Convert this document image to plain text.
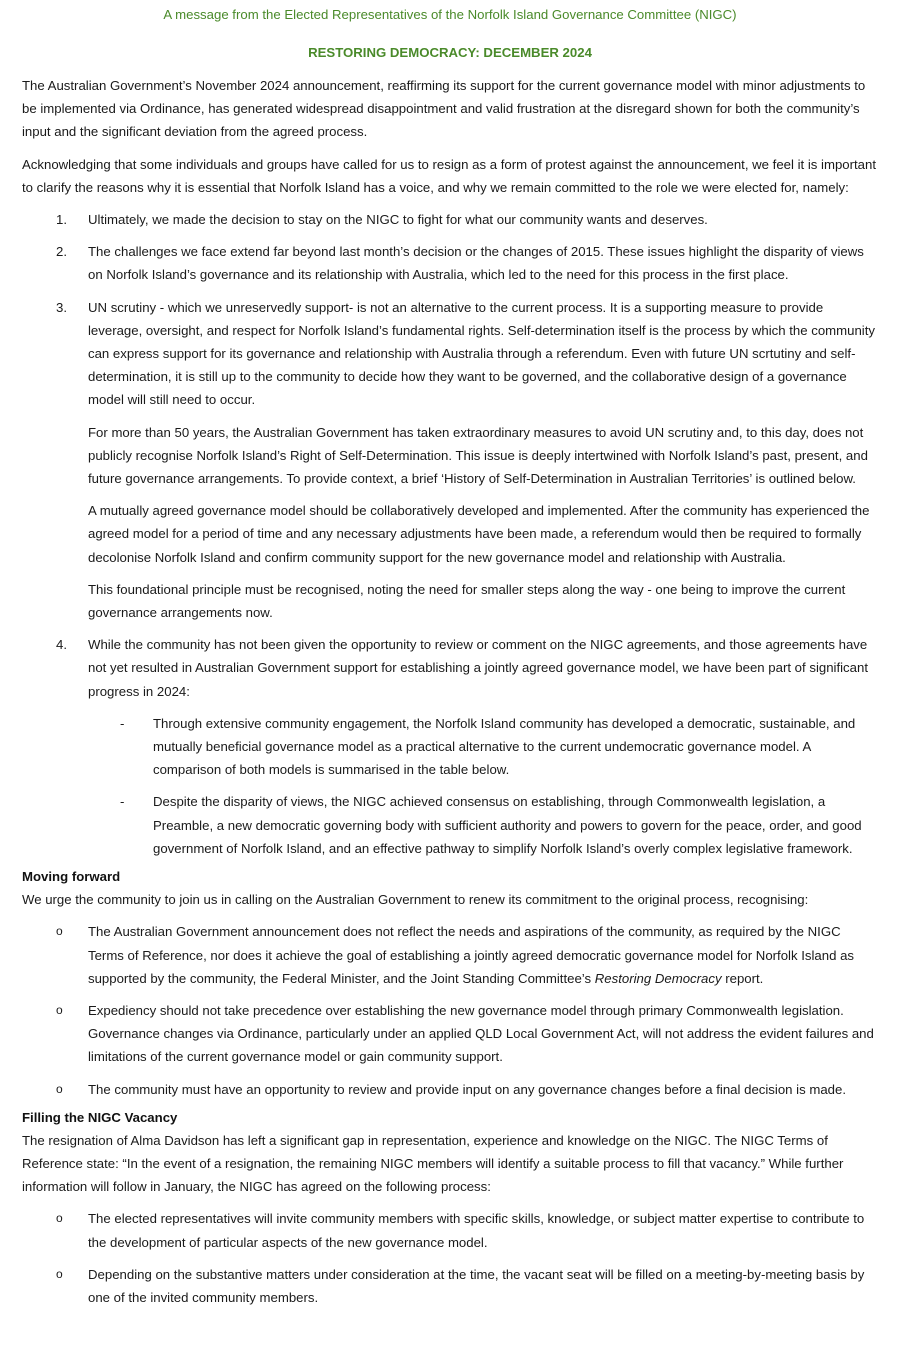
A message from the Elected Representatives of the Norfolk Island Governance Committee (NIGC)

RESTORING DEMOCRACY: DECEMBER 2024

The Australian Government’s November 2024 announcement, reaffirming its support for the current governance model with minor adjustments to be implemented via Ordinance, has generated widespread disappointment and valid frustration at the disregard shown for both the community’s input and the significant deviation from the agreed process.

Acknowledging that some individuals and groups have called for us to resign as a form of protest against the announcement, we feel it is important to clarify the reasons why it is essential that Norfolk Island has a voice, and why we remain committed to the role we were elected for, namely:

1.	Ultimately, we made the decision to stay on the NIGC to fight for what our community wants and deserves.

2.	The challenges we face extend far beyond last month’s decision or the changes of 2015. These issues highlight the disparity of views on Norfolk Island’s governance and its relationship with Australia, which led to the need for this process in the first place.

3.	UN scrutiny - which we unreservedly support- is not an alternative to the current process. It is a supporting measure to provide leverage, oversight, and respect for Norfolk Island’s fundamental rights. Self-determination itself is the process by which the community can express support for its governance and relationship with Australia through a referendum. Even with future UN scrtutiny and self-determination, it is still up to the community to decide how they want to be governed, and the collaborative design of a governance model will still need to occur.

For more than 50 years, the Australian Government has taken extraordinary measures to avoid UN scrutiny and, to this day, does not publicly recognise Norfolk Island’s Right of Self-Determination. This issue is deeply intertwined with Norfolk Island’s past, present, and future governance arrangements. To provide context, a brief ‘History of Self-Determination in Australian Territories’ is outlined below.

A mutually agreed governance model should be collaboratively developed and implemented. After the community has experienced the agreed model for a period of time and any necessary adjustments have been made, a referendum would then be required to formally decolonise Norfolk Island and confirm community support for the new governance model and relationship with Australia.

This foundational principle must be recognised, noting the need for smaller steps along the way - one being to improve the current governance arrangements now.

4.	While the community has not been given the opportunity to review or comment on the NIGC agreements, and those agreements have not yet resulted in Australian Government support for establishing a jointly agreed governance model, we have been part of significant progress in 2024:

-	Through extensive community engagement, the Norfolk Island community has developed a democratic, sustainable, and mutually beneficial governance model as a practical alternative to the current undemocratic governance model. A comparison of both models is summarised in the table below.

-	Despite the disparity of views, the NIGC achieved consensus on establishing, through Commonwealth legislation, a Preamble, a new democratic governing body with sufficient authority and powers to govern for the peace, order, and good government of Norfolk Island, and an effective pathway to simplify Norfolk Island’s overly complex legislative framework.

Moving forward

We urge the community to join us in calling on the Australian Government to renew its commitment to the original process, recognising:

o	The Australian Government announcement does not reflect the needs and aspirations of the community, as required by the NIGC Terms of Reference, nor does it achieve the goal of establishing a jointly agreed democratic governance model for Norfolk Island as supported by the community, the Federal Minister, and the Joint Standing Committee’s Restoring Democracy report.

o	Expediency should not take precedence over establishing the new governance model through primary Commonwealth legislation. Governance changes via Ordinance, particularly under an applied QLD Local Government Act, will not address the evident failures and limitations of the current governance model or gain community support.

o	The community must have an opportunity to review and provide input on any governance changes before a final decision is made.

Filling the NIGC Vacancy

The resignation of Alma Davidson has left a significant gap in representation, experience and knowledge on the NIGC. The NIGC Terms of Reference state: “In the event of a resignation, the remaining NIGC members will identify a suitable process to fill that vacancy.” While further information will follow in January, the NIGC has agreed on the following process:

o	The elected representatives will invite community members with specific skills, knowledge, or subject matter expertise to contribute to the development of particular aspects of the new governance model.

o	Depending on the substantive matters under consideration at the time, the vacant seat will be filled on a meeting-by-meeting basis by one of the invited community members.
